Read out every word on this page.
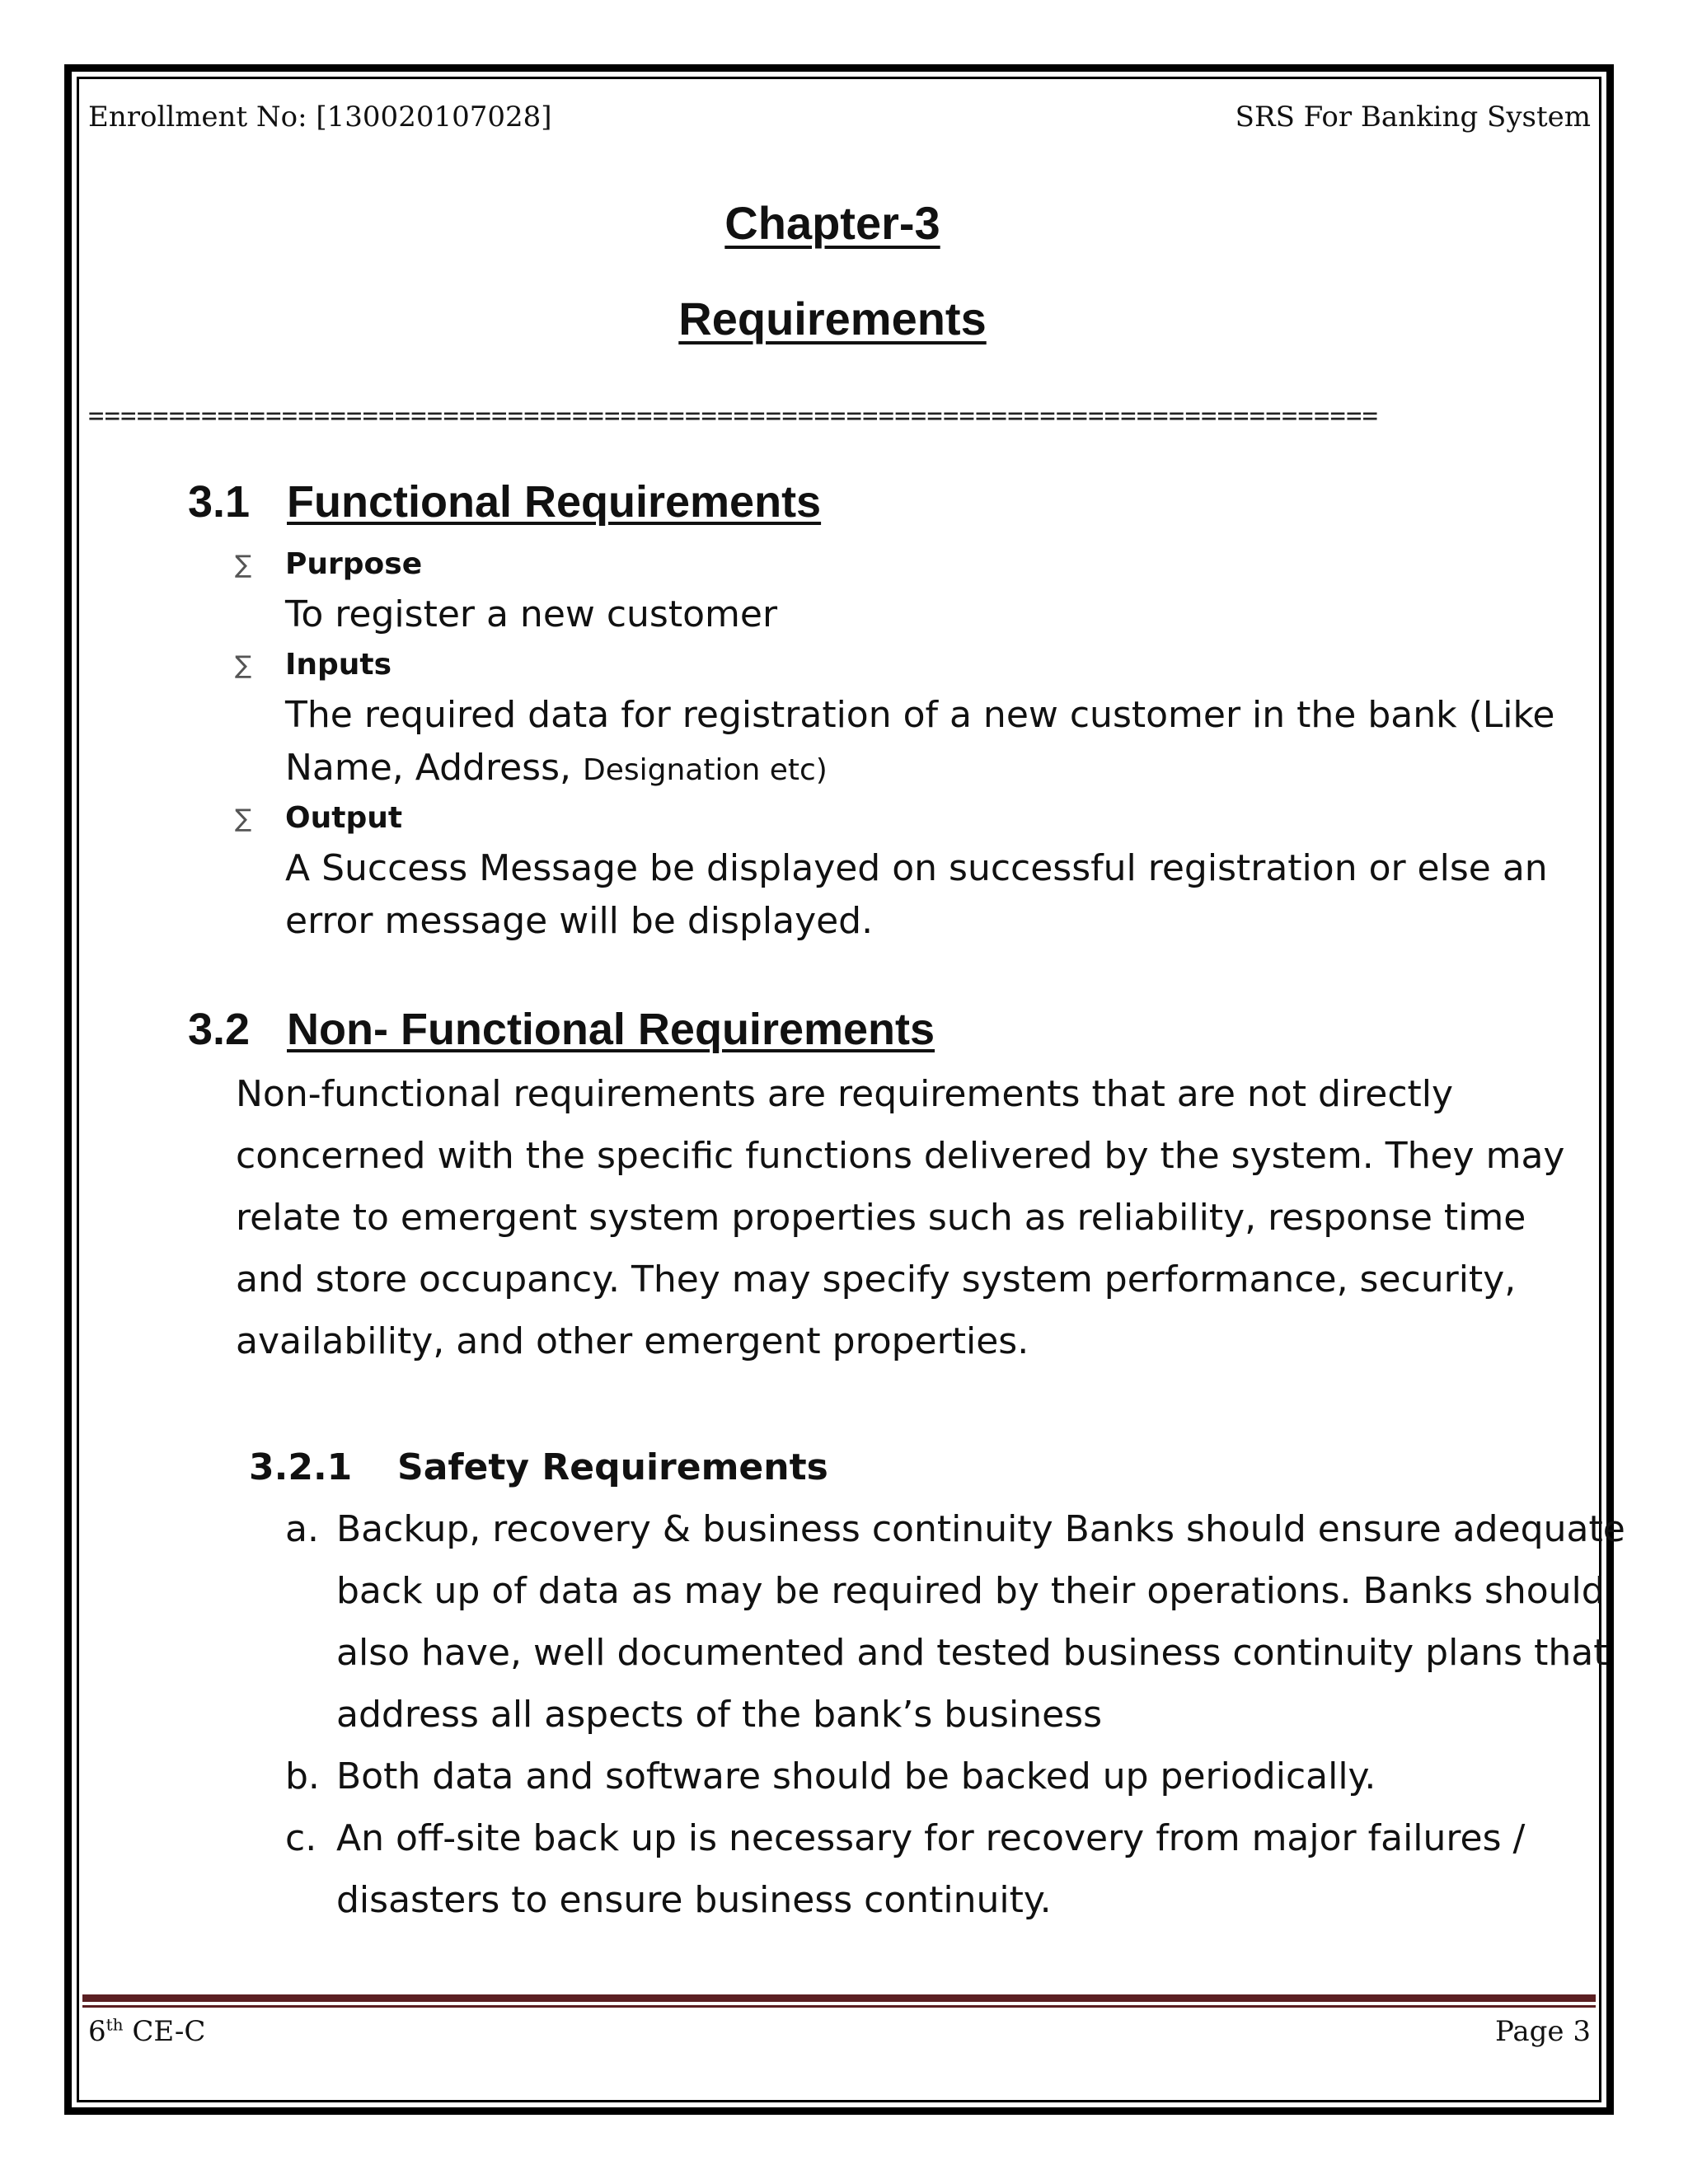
Enrollment No: [130020107028]	SRS For Banking System
Chapter-3
Requirements
================================================================================
3.1 Functional Requirements
∑ Purpose
To register a new customer
∑ Inputs
The required data for registration of a new customer in the bank (Like
Name, Address, Designation etc)
∑ Output
A Success Message be displayed on successful registration or else an
error message will be displayed.
3.2 Non- Functional Requirements
Non-functional requirements are requirements that are not directly
concerned with the specific functions delivered by the system. They may
relate to emergent system properties such as reliability, response time
and store occupancy. They may specify system performance, security,
availability, and other emergent properties.
3.2.1 Safety Requirements
a. Backup, recovery & business continuity Banks should ensure adequate
back up of data as may be required by their operations. Banks should
also have, well documented and tested business continuity plans that
address all aspects of the bank’s business
b. Both data and software should be backed up periodically.
c. An off-site back up is necessary for recovery from major failures /
disasters to ensure business continuity.
6th CE-C	Page 3
